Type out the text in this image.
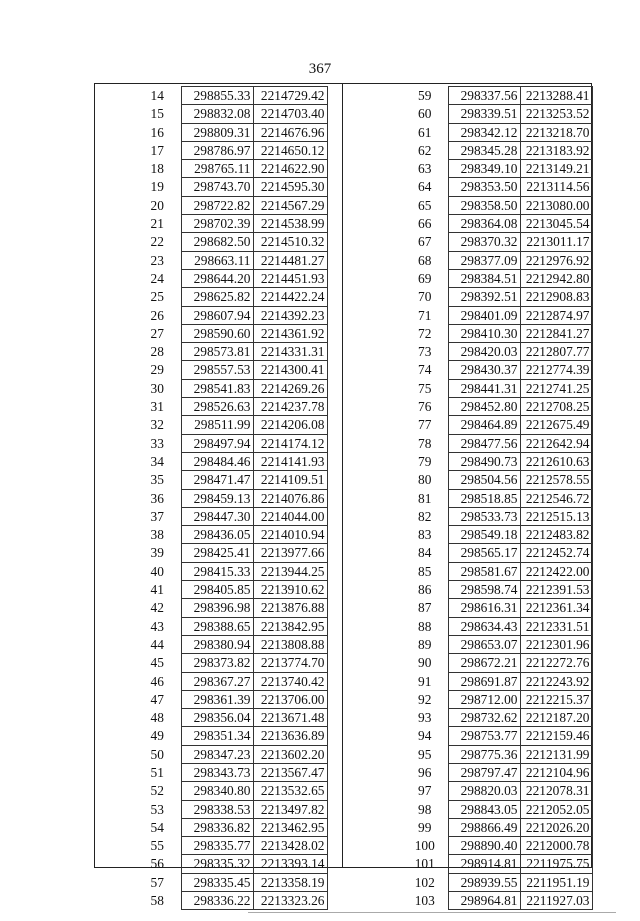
367
14	298855.33	2214729.42
15	298832.08	2214703.40
16	298809.31	2214676.96
17	298786.97	2214650.12
18	298765.11	2214622.90
19	298743.70	2214595.30
20	298722.82	2214567.29
21	298702.39	2214538.99
22	298682.50	2214510.32
23	298663.11	2214481.27
24	298644.20	2214451.93
25	298625.82	2214422.24
26	298607.94	2214392.23
27	298590.60	2214361.92
28	298573.81	2214331.31
29	298557.53	2214300.41
30	298541.83	2214269.26
31	298526.63	2214237.78
32	298511.99	2214206.08
33	298497.94	2214174.12
34	298484.46	2214141.93
35	298471.47	2214109.51
36	298459.13	2214076.86
37	298447.30	2214044.00
38	298436.05	2214010.94
39	298425.41	2213977.66
40	298415.33	2213944.25
41	298405.85	2213910.62
42	298396.98	2213876.88
43	298388.65	2213842.95
44	298380.94	2213808.88
45	298373.82	2213774.70
46	298367.27	2213740.42
47	298361.39	2213706.00
48	298356.04	2213671.48
49	298351.34	2213636.89
50	298347.23	2213602.20
51	298343.73	2213567.47
52	298340.80	2213532.65
53	298338.53	2213497.82
54	298336.82	2213462.95
55	298335.77	2213428.02
56	298335.32	2213393.14
57	298335.45	2213358.19
58	298336.22	2213323.26
59	298337.56	2213288.41
60	298339.51	2213253.52
61	298342.12	2213218.70
62	298345.28	2213183.92
63	298349.10	2213149.21
64	298353.50	2213114.56
65	298358.50	2213080.00
66	298364.08	2213045.54
67	298370.32	2213011.17
68	298377.09	2212976.92
69	298384.51	2212942.80
70	298392.51	2212908.83
71	298401.09	2212874.97
72	298410.30	2212841.27
73	298420.03	2212807.77
74	298430.37	2212774.39
75	298441.31	2212741.25
76	298452.80	2212708.25
77	298464.89	2212675.49
78	298477.56	2212642.94
79	298490.73	2212610.63
80	298504.56	2212578.55
81	298518.85	2212546.72
82	298533.73	2212515.13
83	298549.18	2212483.82
84	298565.17	2212452.74
85	298581.67	2212422.00
86	298598.74	2212391.53
87	298616.31	2212361.34
88	298634.43	2212331.51
89	298653.07	2212301.96
90	298672.21	2212272.76
91	298691.87	2212243.92
92	298712.00	2212215.37
93	298732.62	2212187.20
94	298753.77	2212159.46
95	298775.36	2212131.99
96	298797.47	2212104.96
97	298820.03	2212078.31
98	298843.05	2212052.05
99	298866.49	2212026.20
100	298890.40	2212000.78
101	298914.81	2211975.75
102	298939.55	2211951.19
103	298964.81	2211927.03
